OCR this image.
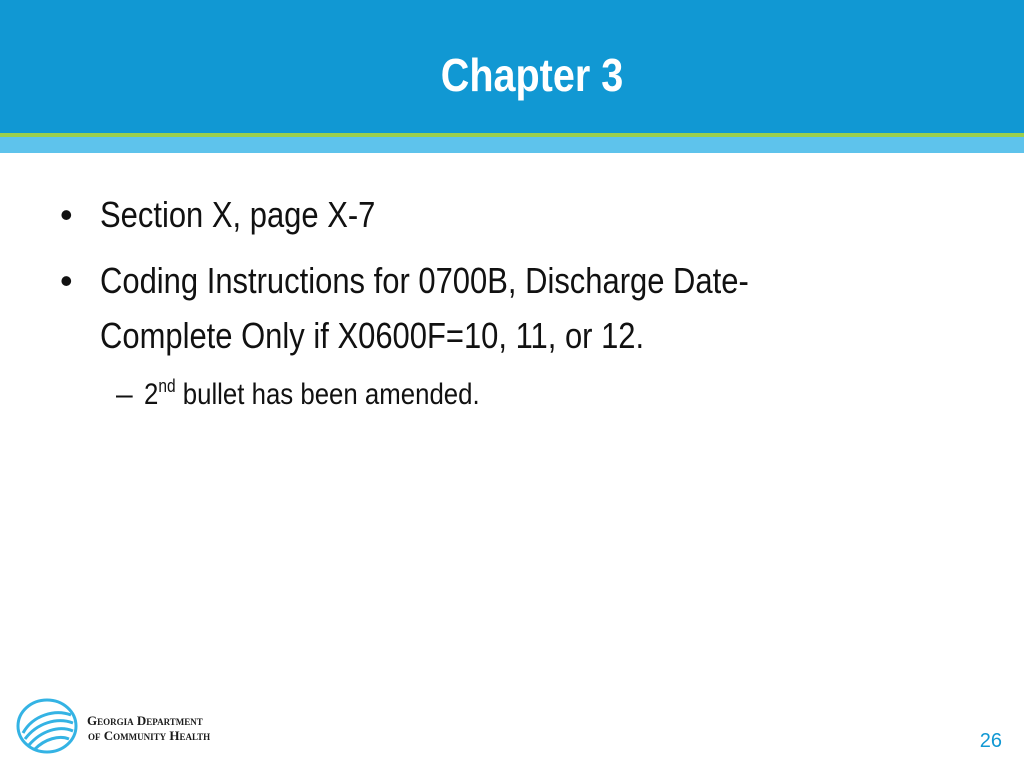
Chapter 3
• Section X, page X-7
• Coding Instructions for 0700B, Discharge Date-
Complete Only if X0600F=10, 11, or 12.
– 2nd bullet has been amended.
Georgia Department
of Community Health	26
